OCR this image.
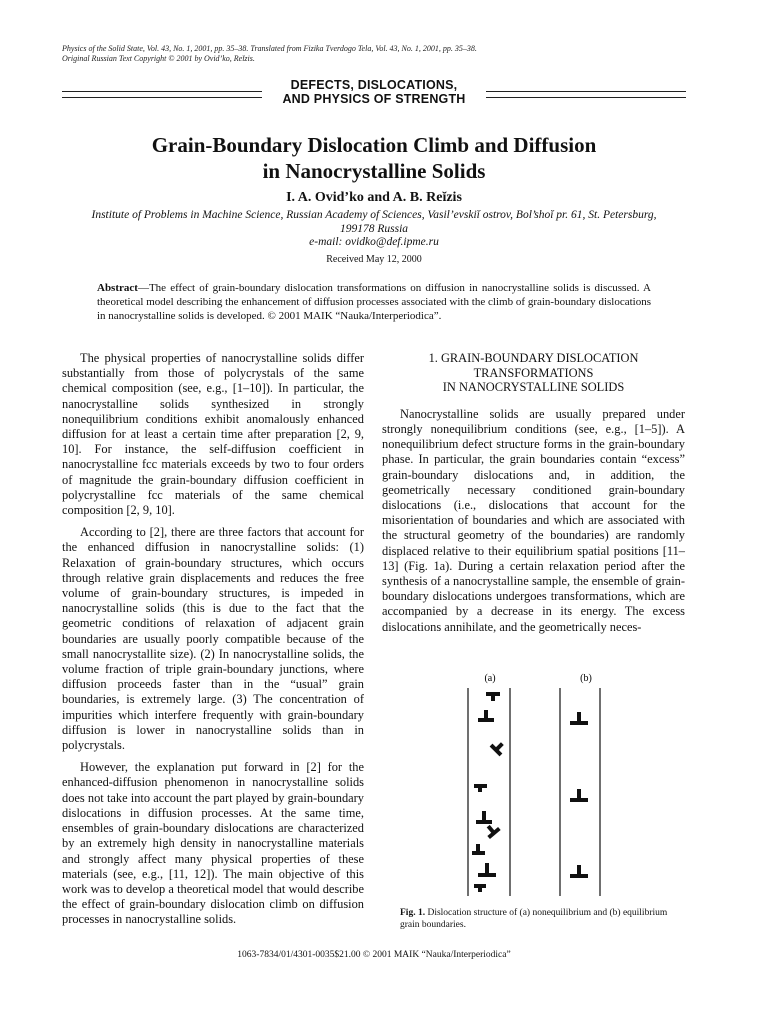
Physics of the Solid State, Vol. 43, No. 1, 2001, pp. 35–38. Translated from Fizika Tverdogo Tela, Vol. 43, No. 1, 2001, pp. 35–38.
Original Russian Text Copyright © 2001 by Ovid’ko, Reĭzis.
DEFECTS, DISLOCATIONS,
AND PHYSICS OF STRENGTH
Grain-Boundary Dislocation Climb and Diffusion
in Nanocrystalline Solids
I. A. Ovid’ko and A. B. Reĭzis
Institute of Problems in Machine Science, Russian Academy of Sciences, Vasil’evskiĭ ostrov, Bol’shoĭ pr. 61, St. Petersburg,
199178 Russia
e-mail: ovidko@def.ipme.ru
Received May 12, 2000
Abstract—The effect of grain-boundary dislocation transformations on diffusion in nanocrystalline solids is discussed. A theoretical model describing the enhancement of diffusion processes associated with the climb of grain-boundary dislocations in nanocrystalline solids is developed. © 2001 MAIK “Nauka/Interperiodica”.

The physical properties of nanocrystalline solids differ substantially from those of polycrystals of the same chemical composition (see, e.g., [1–10]). In particular, the nanocrystalline solids synthesized in strongly nonequilibrium conditions exhibit anomalously enhanced diffusion for at least a certain time after preparation [2, 9, 10]. For instance, the self-diffusion coefficient in nanocrystalline fcc materials exceeds by two to four orders of magnitude the grain-boundary diffusion coefficient in polycrystalline fcc materials of the same chemical composition [2, 9, 10].

According to [2], there are three factors that account for the enhanced diffusion in nanocrystalline solids: (1) Relaxation of grain-boundary structures, which occurs through relative grain displacements and reduces the free volume of grain-boundary structures, is impeded in nanocrystalline solids (this is due to the fact that the geometric conditions of relaxation of adjacent grain boundaries are usually poorly compatible because of the small nanocrystallite size). (2) In nanocrystalline solids, the volume fraction of triple grain-boundary junctions, where diffusion proceeds faster than in the “usual” grain boundaries, is extremely large. (3) The concentration of impurities which interfere frequently with grain-boundary diffusion is lower in nanocrystalline solids than in polycrystals.

However, the explanation put forward in [2] for the enhanced-diffusion phenomenon in nanocrystalline solids does not take into account the part played by grain-boundary dislocations in diffusion processes. At the same time, ensembles of grain-boundary dislocations are characterized by an extremely high density in nanocrystalline materials and strongly affect many physical properties of these materials (see, e.g., [11, 12]). The main objective of this work was to develop a theoretical model that would describe the effect of grain-boundary dislocation climb on diffusion processes in nanocrystalline solids.

1. GRAIN-BOUNDARY DISLOCATION
TRANSFORMATIONS
IN NANOCRYSTALLINE SOLIDS

Nanocrystalline solids are usually prepared under strongly nonequilibrium conditions (see, e.g., [1–5]). A nonequilibrium defect structure forms in the grain-boundary phase. In particular, the grain boundaries contain “excess” grain-boundary dislocations and, in addition, the geometrically necessary conditioned grain-boundary dislocations (i.e., dislocations that account for the misorientation of boundaries and which are associated with the structural geometry of the boundaries) are randomly displaced relative to their equilibrium spatial positions [11–13] (Fig. 1a). During a certain relaxation period after the synthesis of a nanocrystalline sample, the ensemble of grain-boundary dislocations undergoes transformations, which are accompanied by a decrease in its energy. The excess dislocations annihilate, and the geometrically neces-

(a)	(b)
Fig. 1. Dislocation structure of (a) nonequilibrium and (b) equilibrium grain boundaries.
1063-7834/01/4301-0035$21.00 © 2001 MAIK “Nauka/Interperiodica”
